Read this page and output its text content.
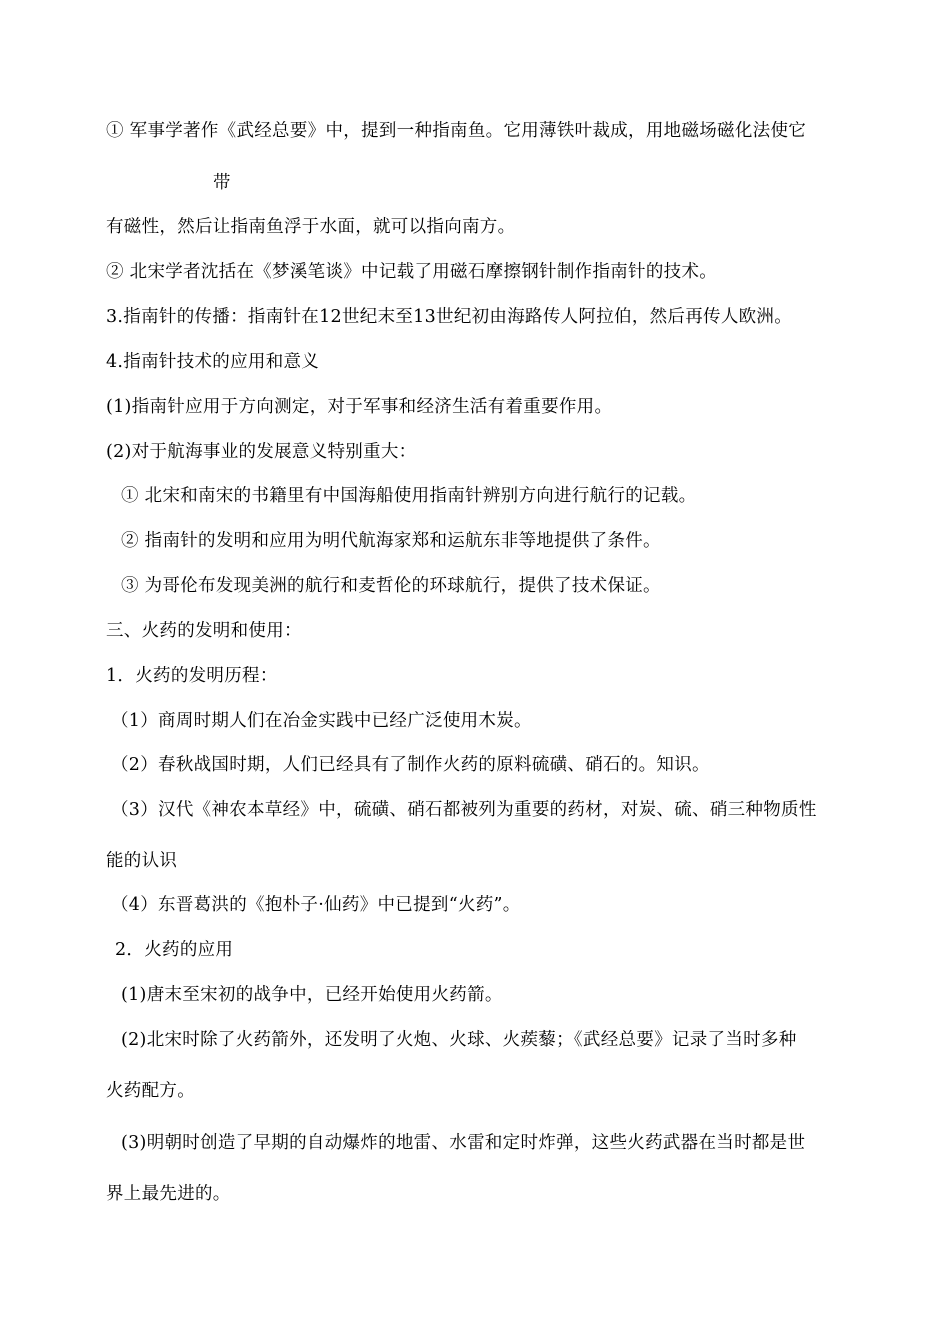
① 军事学著作《武经总要》中，提到一种指南鱼。它用薄铁叶裁成，用地磁场磁化法使它
带
有磁性，然后让指南鱼浮于水面，就可以指向南方。
② 北宋学者沈括在《梦溪笔谈》中记载了用磁石摩擦钢针制作指南针的技术。
3.指南针的传播：指南针在12世纪末至13世纪初由海路传人阿拉伯，然后再传人欧洲。
4.指南针技术的应用和意义
(1)指南针应用于方向测定，对于军事和经济生活有着重要作用。
(2)对于航海事业的发展意义特别重大：
① 北宋和南宋的书籍里有中国海船使用指南针辨别方向进行航行的记载。
② 指南针的发明和应用为明代航海家郑和运航东非等地提供了条件。
③ 为哥伦布发现美洲的航行和麦哲伦的环球航行，提供了技术保证。
三、火药的发明和使用：
1．火药的发明历程：
（1）商周时期人们在冶金实践中已经广泛使用木炭。
（2）春秋战国时期，人们已经具有了制作火药的原料硫磺、硝石的。知识。
（3）汉代《神农本草经》中，硫磺、硝石都被列为重要的药材，对炭、硫、硝三种物质性
能的认识
（4）东晋葛洪的《抱朴子·仙药》中已提到“火药”。
2．火药的应用
(1)唐末至宋初的战争中，已经开始使用火药箭。
(2)北宋时除了火药箭外，还发明了火炮、火球、火蒺藜；《武经总要》记录了当时多种
火药配方。
(3)明朝时创造了早期的自动爆炸的地雷、水雷和定时炸弹，这些火药武器在当时都是世
界上最先进的。
